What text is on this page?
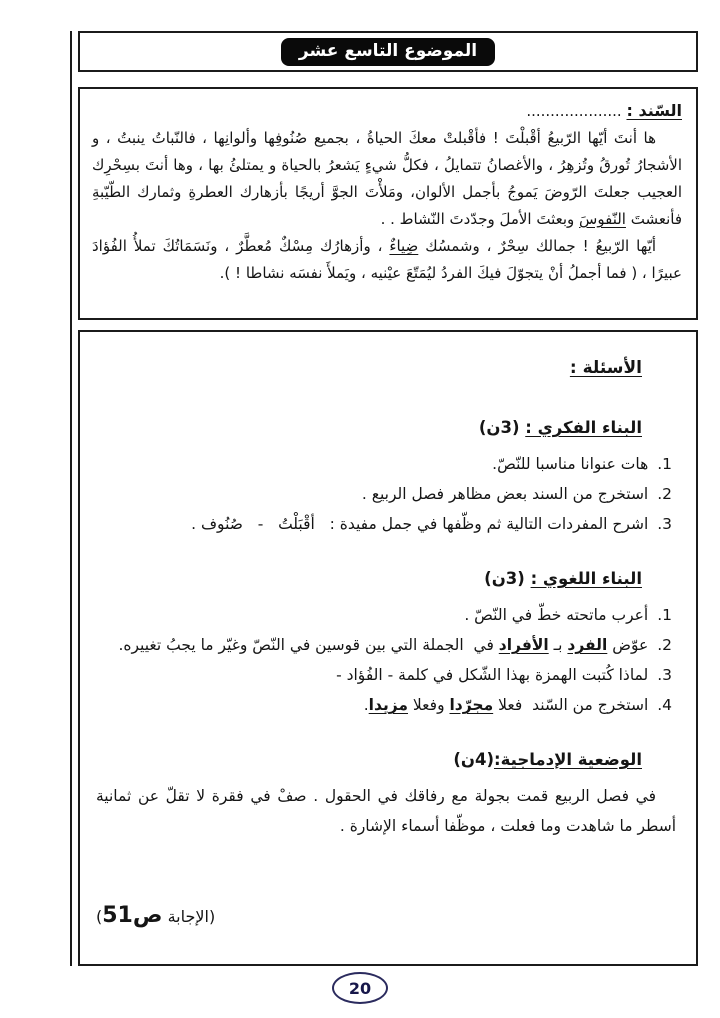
الموضوع التاسع عشر
السّند : ....................

ها أنتَ أيّها الرّبيعُ أقْبلْتَ ! فأقْبلتْ معكَ الحياةُ ، بجميع صُنُوفِها وألوانِها ، فالنّباتُ ينبتُ ، و الأشجارُ تُورقُ وتُزهِرُ ، والأغصانُ تتمايلُ ، فكلُّ شيءٍ يَشعرُ بالحياة و يمتلئُ بها ، وها أنتَ بسِحْرِك العجيب جعلتَ الرّوضَ يَموجُ بأجمل الألوان، ومَلأْتَ الجوَّ أريجًا بأزهارك العطرةِ وثمارك الطّيّبةِ فأنعشتَ النّفوسَ وبعثتَ الأملَ وجدّدتَ النّشاط . .

أيّها الرّبيعُ ! جمالك سِحْرٌ ، وشمسُك ضِياءٌ ، وأزهارُك مِسْكٌ مُعطَّرٌ ، ونَسَمَاتُكَ تملأُ الفُؤادَ عبيرًا ، ( فما أجملُ أنْ يتجوّلَ فيكَ الفردُ ليُمَتّعَ عيْنيه ، ويَملأَ نفسَه نشاطا ! ).

الأسئلة :
البناء الفكري : (3ن)
1. هات عنوانا مناسبا للنّصّ.
2. استخرج من السند بعض مظاهر فصل الربيع .
3. اشرح المفردات التالية ثم وظّفها في جمل مفيدة :   أقْبَلْتُ   -   صُنُوف .
البناء اللغوي : (3ن)
1. أعرب ماتحته خطّ في النّصّ .
2. عوّض الفرد بـ الأفراد في  الجملة التي بين قوسين في النّصّ وغيّر ما يجبُ تغييره.
3. لماذا كُتبت الهمزة بهذا الشّكل في كلمة - الفُؤاد -
4. استخرج من السّند  فعلا مجرّدا وفعلا مزيدا.
الوضعية الإدماجية:(4ن)

في فصل الربيع قمت بجولة مع رفاقك في الحقول . صفْ في فقرة لا تقلّ عن ثمانية أسطر ما شاهدت وما فعلت ، موظّفا أسماء الإشارة .

(الإجابة ص51)
20
